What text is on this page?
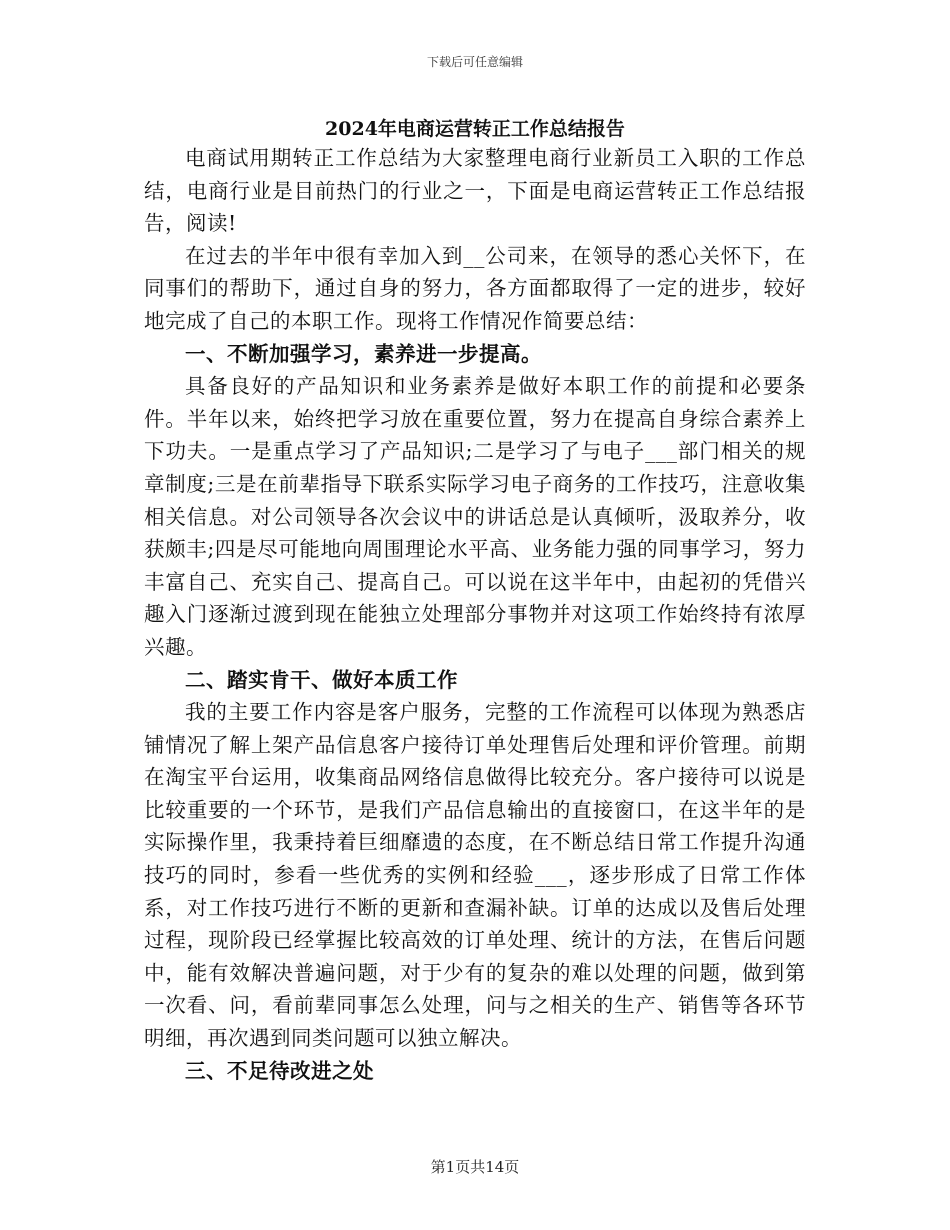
下载后可任意编辑
2024年电商运营转正工作总结报告

电商试用期转正工作总结为大家整理电商行业新员工入职的工作总结，电商行业是目前热门的行业之一，下面是电商运营转正工作总结报告，阅读!

在过去的半年中很有幸加入到__公司来，在领导的悉心关怀下，在同事们的帮助下，通过自身的努力，各方面都取得了一定的进步，较好地完成了自己的本职工作。现将工作情况作简要总结：

一、不断加强学习，素养进一步提高。

具备良好的产品知识和业务素养是做好本职工作的前提和必要条件。半年以来，始终把学习放在重要位置，努力在提高自身综合素养上下功夫。一是重点学习了产品知识;二是学习了与电子___部门相关的规章制度;三是在前辈指导下联系实际学习电子商务的工作技巧，注意收集相关信息。对公司领导各次会议中的讲话总是认真倾听，汲取养分，收获颇丰;四是尽可能地向周围理论水平高、业务能力强的同事学习，努力丰富自己、充实自己、提高自己。可以说在这半年中，由起初的凭借兴趣入门逐渐过渡到现在能独立处理部分事物并对这项工作始终持有浓厚兴趣。

二、踏实肯干、做好本质工作

我的主要工作内容是客户服务，完整的工作流程可以体现为熟悉店铺情况了解上架产品信息客户接待订单处理售后处理和评价管理。前期在淘宝平台运用，收集商品网络信息做得比较充分。客户接待可以说是比较重要的一个环节，是我们产品信息输出的直接窗口，在这半年的是实际操作里，我秉持着巨细靡遗的态度，在不断总结日常工作提升沟通技巧的同时，参看一些优秀的实例和经验___，逐步形成了日常工作体系，对工作技巧进行不断的更新和查漏补缺。订单的达成以及售后处理过程，现阶段已经掌握比较高效的订单处理、统计的方法，在售后问题中，能有效解决普遍问题，对于少有的复杂的难以处理的问题，做到第一次看、问，看前辈同事怎么处理，问与之相关的生产、销售等各环节明细，再次遇到同类问题可以独立解决。

三、不足待改进之处

第1页共14页
